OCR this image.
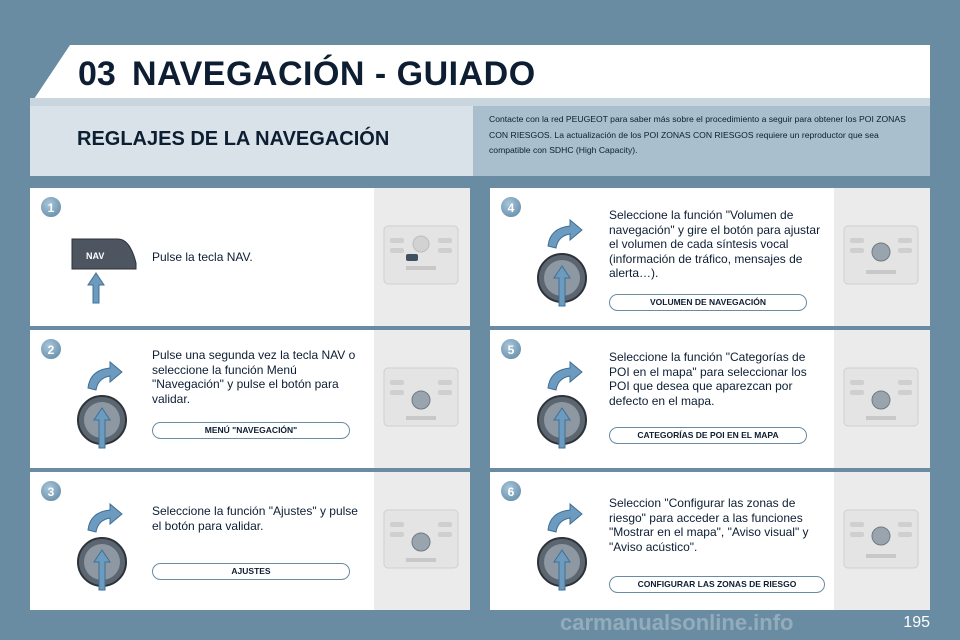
03 NAVEGACIÓN - GUIADO
REGLAJES DE LA NAVEGACIÓN
Contacte con la red PEUGEOT para saber más sobre el procedimiento a seguir para obtener los POI ZONAS CON RIESGOS. La actualización de los POI ZONAS CON RIESGOS requiere un reproductor que sea compatible con SDHC (High Capacity).
1
NAV	Pulse la tecla NAV.
2	Pulse una segunda vez la tecla NAV o seleccione la función Menú "Navegación" y pulse el botón para validar.
MENÚ "NAVEGACIÓN"
3
Seleccione la función "Ajustes" y pulse el botón para validar.
AJUSTES
4	Seleccione la función "Volumen de navegación" y gire el botón para ajustar el volumen de cada síntesis vocal (información de tráfico, mensajes de alerta…).
VOLUMEN DE NAVEGACIÓN
5	Seleccione la función "Categorías de POI en el mapa" para seleccionar los POI que desea que aparezcan por defecto en el mapa.
CATEGORÍAS DE POI EN EL MAPA
6
Seleccion "Configurar las zonas de riesgo" para acceder a las funciones "Mostrar en el mapa", "Aviso visual" y "Aviso acústico".
CONFIGURAR LAS ZONAS DE RIESGO
carmanualsonline.info	195
